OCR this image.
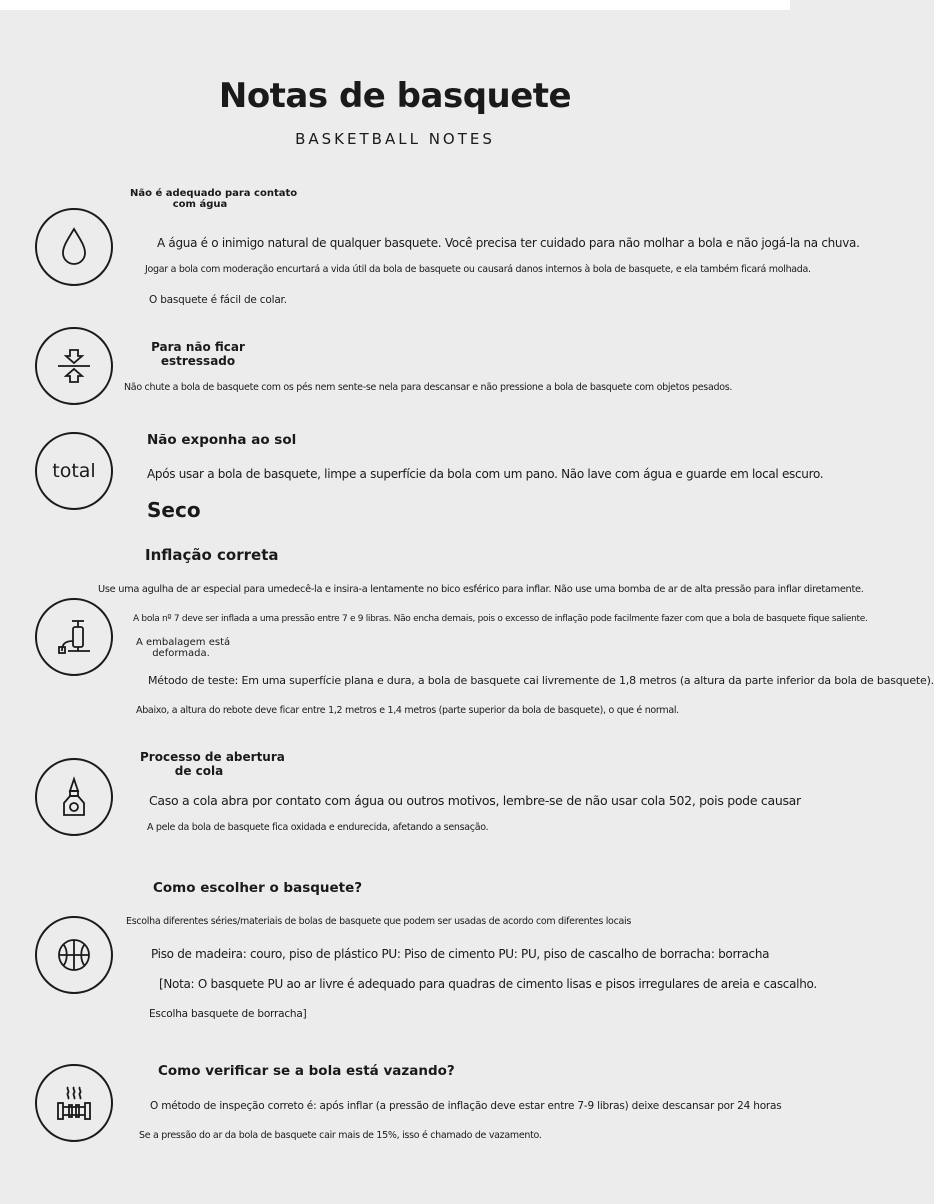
Notas de basquete
BASKETBALL NOTES
Não é adequado para contato
com água
A água é o inimigo natural de qualquer basquete. Você precisa ter cuidado para não molhar a bola e não jogá-la na chuva.
Jogar a bola com moderação encurtará a vida útil da bola de basquete ou causará danos internos à bola de basquete, e ela também ficará molhada.
O basquete é fácil de colar.
Para não ficar
estressado
Não chute a bola de basquete com os pés nem sente-se nela para descansar e não pressione a bola de basquete com objetos pesados.
total
Não exponha ao sol
Após usar a bola de basquete, limpe a superfície da bola com um pano. Não lave com água e guarde em local escuro.
Seco
Inflação correta
Use uma agulha de ar especial para umedecê-la e insira-a lentamente no bico esférico para inflar. Não use uma bomba de ar de alta pressão para inflar diretamente.
A bola nº 7 deve ser inflada a uma pressão entre 7 e 9 libras. Não encha demais, pois o excesso de inflação pode facilmente fazer com que a bola de basquete fique saliente.
A embalagem está
deformada.
Método de teste: Em uma superfície plana e dura, a bola de basquete cai livremente de 1,8 metros (a altura da parte inferior da bola de basquete).
Abaixo, a altura do rebote deve ficar entre 1,2 metros e 1,4 metros (parte superior da bola de basquete), o que é normal.
Processo de abertura
de cola
Caso a cola abra por contato com água ou outros motivos, lembre-se de não usar cola 502, pois pode causar
A pele da bola de basquete fica oxidada e endurecida, afetando a sensação.
Como escolher o basquete?
Escolha diferentes séries/materiais de bolas de basquete que podem ser usadas de acordo com diferentes locais
Piso de madeira: couro, piso de plástico PU: Piso de cimento PU: PU, piso de cascalho de borracha: borracha
[Nota: O basquete PU ao ar livre é adequado para quadras de cimento lisas e pisos irregulares de areia e cascalho.
Escolha basquete de borracha]
Como verificar se a bola está vazando?
O método de inspeção correto é: após inflar (a pressão de inflação deve estar entre 7-9 libras) deixe descansar por 24 horas
Se a pressão do ar da bola de basquete cair mais de 15%, isso é chamado de vazamento.
